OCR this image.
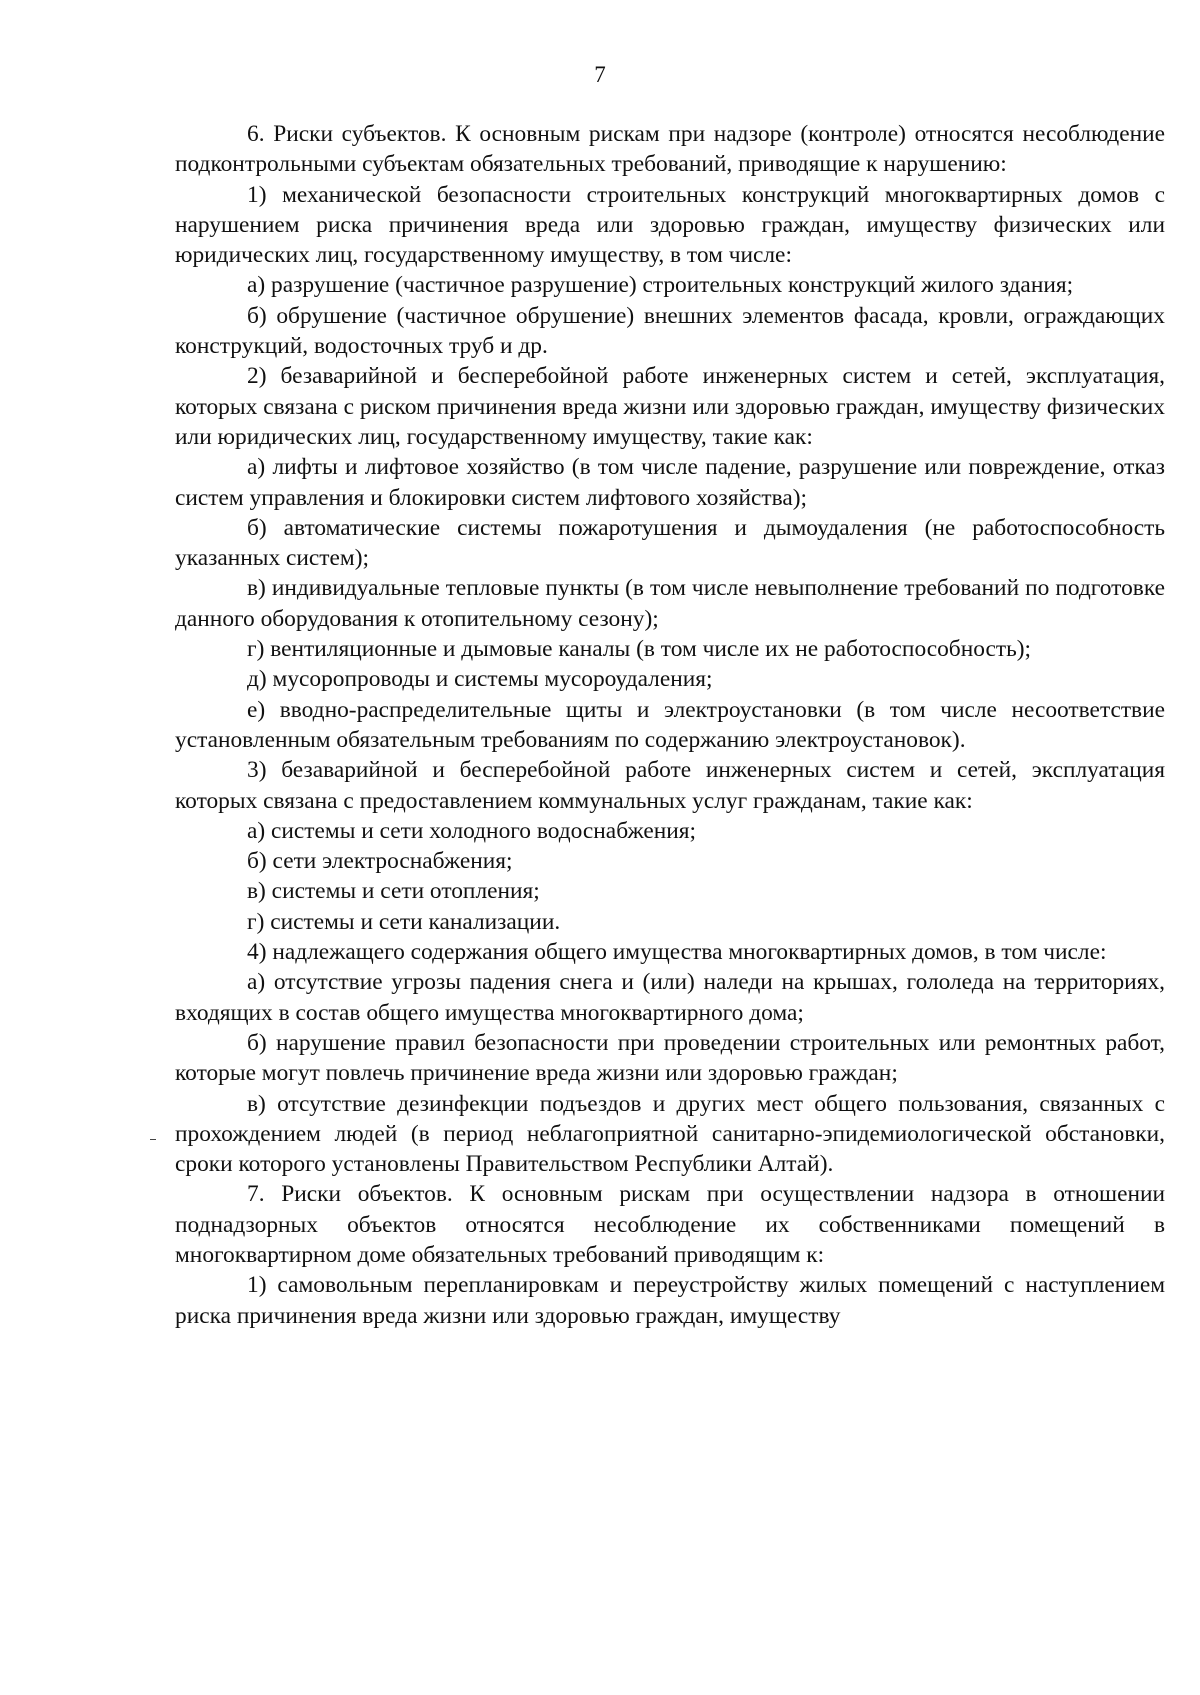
7

6. Риски субъектов. К основным рискам при надзоре (контроле) относятся несоблюдение подконтрольными субъектам обязательных требований, приводящие к нарушению:

1) механической безопасности строительных конструкций многоквартирных домов с нарушением риска причинения вреда или здоровью граждан, имуществу физических или юридических лиц, государственному имуществу, в том числе:

а) разрушение (частичное разрушение) строительных конструкций жилого здания;

б) обрушение (частичное обрушение) внешних элементов фасада, кровли, ограждающих конструкций, водосточных труб и др.

2) безаварийной и бесперебойной работе инженерных систем и сетей, эксплуатация, которых связана с риском причинения вреда жизни или здоровью граждан, имуществу физических или юридических лиц, государственному имуществу, такие как:

а) лифты и лифтовое хозяйство (в том числе падение, разрушение или повреждение, отказ систем управления и блокировки систем лифтового хозяйства);

б) автоматические системы пожаротушения и дымоудаления (не работоспособность указанных систем);

в) индивидуальные тепловые пункты (в том числе невыполнение требований по подготовке данного оборудования к отопительному сезону);

г) вентиляционные и дымовые каналы (в том числе их не работоспособность);

д) мусоропроводы и системы мусороудаления;

е) вводно-распределительные щиты и электроустановки (в том числе несоответствие установленным обязательным требованиям по содержанию электроустановок).

3) безаварийной и бесперебойной работе инженерных систем и сетей, эксплуатация которых связана с предоставлением коммунальных услуг гражданам, такие как:

а) системы и сети холодного водоснабжения;

б) сети электроснабжения;

в) системы и сети отопления;

г) системы и сети канализации.

4) надлежащего содержания общего имущества многоквартирных домов, в том числе:

а) отсутствие угрозы падения снега и (или) наледи на крышах, гололеда на территориях, входящих в состав общего имущества многоквартирного дома;

б) нарушение правил безопасности при проведении строительных или ремонтных работ, которые могут повлечь причинение вреда жизни или здоровью граждан;

в) отсутствие дезинфекции подъездов и других мест общего пользования, связанных с прохождением людей (в период неблагоприятной санитарно-эпидемиологической обстановки, сроки которого установлены Правительством Республики Алтай).

7. Риски объектов. К основным рискам при осуществлении надзора в отношении поднадзорных объектов относятся несоблюдение их собственниками помещений в многоквартирном доме обязательных требований приводящим к:

1) самовольным перепланировкам и переустройству жилых помещений с наступлением риска причинения вреда жизни или здоровью граждан, имуществу
